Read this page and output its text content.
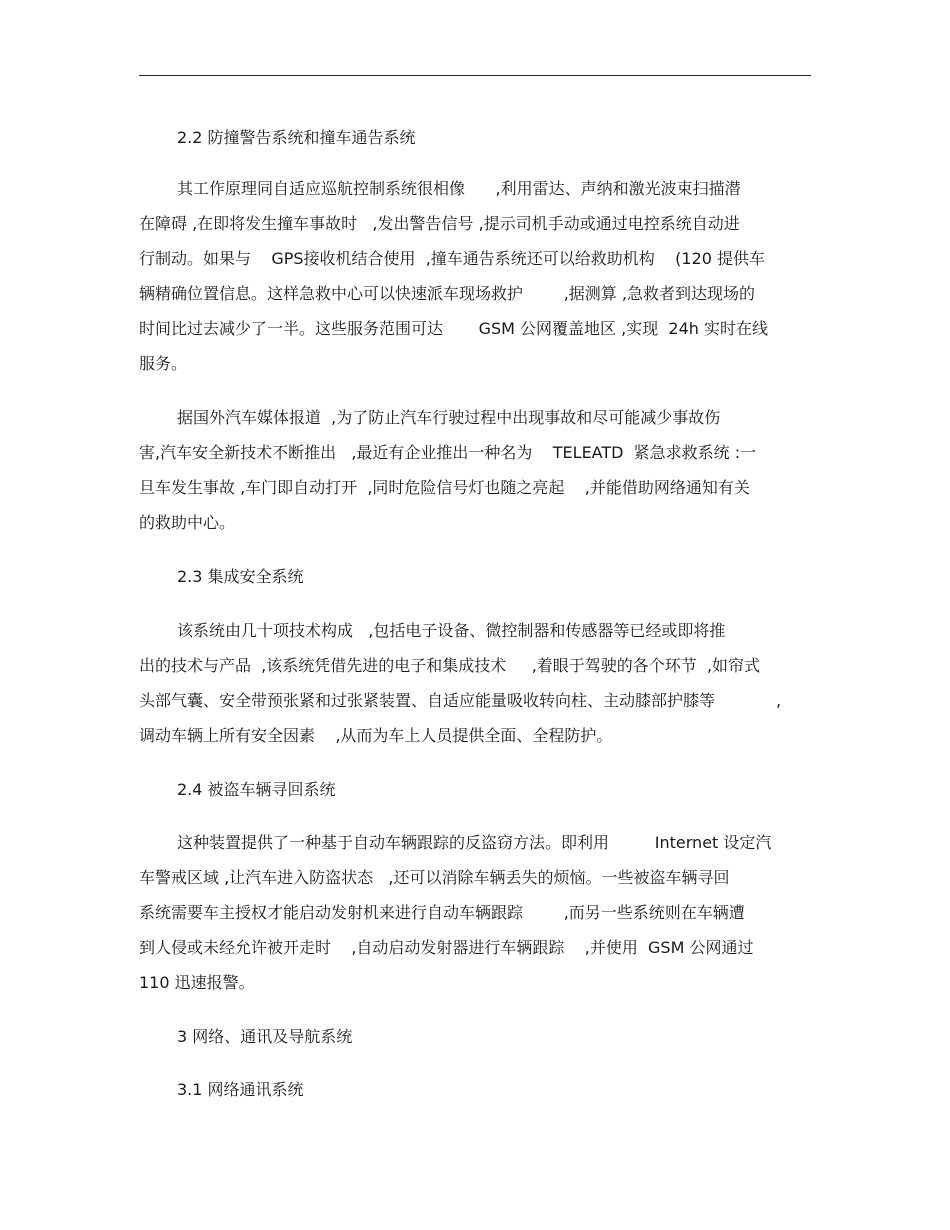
2.2 防撞警告系统和撞车通告系统
其工作原理同自适应巡航控制系统很相像      ,利用雷达、声纳和激光波束扫描潜
在障碍 ,在即将发生撞车事故时   ,发出警告信号 ,提示司机手动或通过电控系统自动进
行制动。如果与    GPS接收机结合使用  ,撞车通告系统还可以给救助机构    (120 提供车
辆精确位置信息。这样急救中心可以快速派车现场救护        ,据测算 ,急救者到达现场的
时间比过去减少了一半。这些服务范围可达       GSM 公网覆盖地区 ,实现  24h 实时在线
服务。
据国外汽车媒体报道  ,为了防止汽车行驶过程中出现事故和尽可能减少事故伤
害,汽车安全新技术不断推出   ,最近有企业推出一种名为    TELEATD  紧急求救系统 :一
旦车发生事故 ,车门即自动打开  ,同时危险信号灯也随之亮起    ,并能借助网络通知有关
的救助中心。
2.3 集成安全系统
该系统由几十项技术构成   ,包括电子设备、微控制器和传感器等已经或即将推
出的技术与产品  ,该系统凭借先进的电子和集成技术     ,着眼于驾驶的各个环节  ,如帘式
头部气囊、安全带预张紧和过张紧装置、自适应能量吸收转向柱、主动膝部护膝等            ,
调动车辆上所有安全因素    ,从而为车上人员提供全面、全程防护。
2.4 被盗车辆寻回系统
这种装置提供了一种基于自动车辆跟踪的反盗窃方法。即利用         Internet 设定汽
车警戒区域 ,让汽车进入防盗状态   ,还可以消除车辆丢失的烦恼。一些被盗车辆寻回
系统需要车主授权才能启动发射机来进行自动车辆跟踪        ,而另一些系统则在车辆遭
到人侵或未经允许被开走时    ,自动启动发射器进行车辆跟踪    ,并使用  GSM 公网通过
110 迅速报警。
3 网络、通讯及导航系统
3.1 网络通讯系统
